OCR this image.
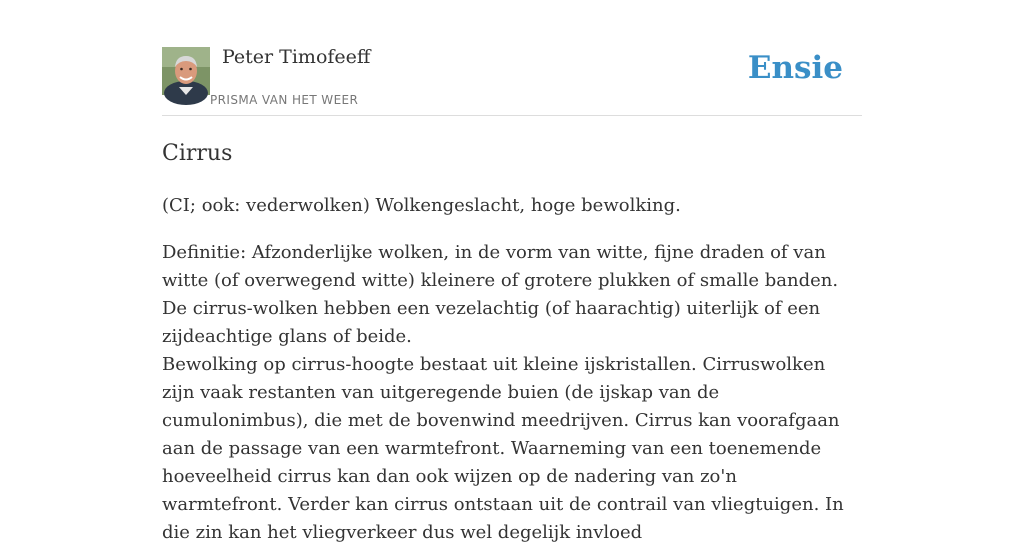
Peter Timofeeff
PRISMA VAN HET WEER
Ensie
Cirrus

(CI; ook: vederwolken) Wolkengeslacht, hoge bewolking.

Definitie: Afzonderlijke wolken, in de vorm van witte, fijne draden of van witte (of overwegend witte) kleinere of grotere plukken of smalle banden.
De cirrus-wolken hebben een vezelachtig (of haarachtig) uiterlijk of een zijdeachtige glans of beide.
Bewolking op cirrus-hoogte bestaat uit kleine ijskristallen. Cirruswolken zijn vaak restanten van uitgeregende buien (de ijskap van de cumulonimbus), die met de bovenwind meedrijven. Cirrus kan voorafgaan aan de passage van een warmtefront. Waarneming van een toenemende hoeveelheid cirrus kan dan ook wijzen op de nadering van zo'n warmtefront. Verder kan cirrus ontstaan uit de contrail van vliegtuigen. In die zin kan het vliegverkeer dus wel degelijk invloed
